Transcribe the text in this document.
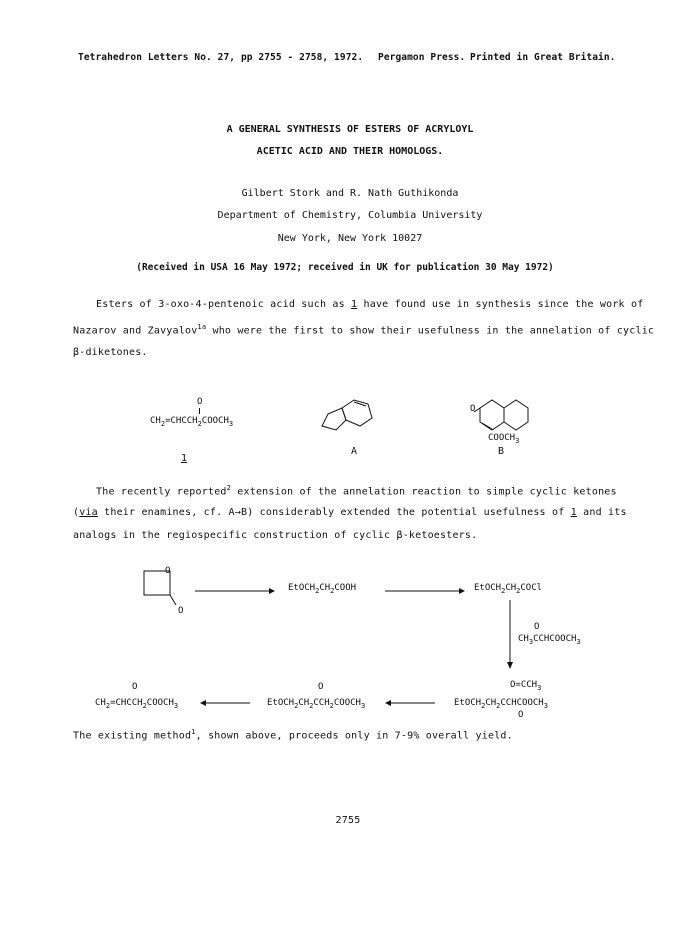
Tetrahedron Letters No. 27, pp 2755 - 2758, 1972. Pergamon Press. Printed in Great Britain.
A GENERAL SYNTHESIS OF ESTERS OF ACRYLOYL
ACETIC ACID AND THEIR HOMOLOGS.
Gilbert Stork and R. Nath Guthikonda
Department of Chemistry, Columbia University
New York, New York 10027
(Received in USA 16 May 1972; received in UK for publication 30 May 1972)
Esters of 3-oxo-4-pentenoic acid such as 1 have found use in synthesis since the work of
Nazarov and Zavyalov$^{1a}$ who were the first to show their usefulness in the annelation of cyclic
β-diketones.
O
$CH_2=CHCCH_2COOCH_3$
1
A
O
$COOCH_3$
B
The recently reported$^2$ extension of the annelation reaction to simple cyclic ketones
(via their enamines, cf. A→B) considerably extended the potential usefulness of 1 and its
analogs in the regiospecific construction of cyclic β-ketoesters.
O
O
$EtOCH_2CH_2COOH$	$EtOCH_2CH_2COCl$
O
$CH_3CCHCOOCH_3$
$O=CCH_3$
$EtOCH_2CH_2CCHCOOCH_3$
O
O
$EtOCH_2CH_2CCH_2COOCH_3$
O
$CH_2=CHCCH_2COOCH_3$
The existing method$^1$, shown above, proceeds only in 7-9% overall yield.
2755
